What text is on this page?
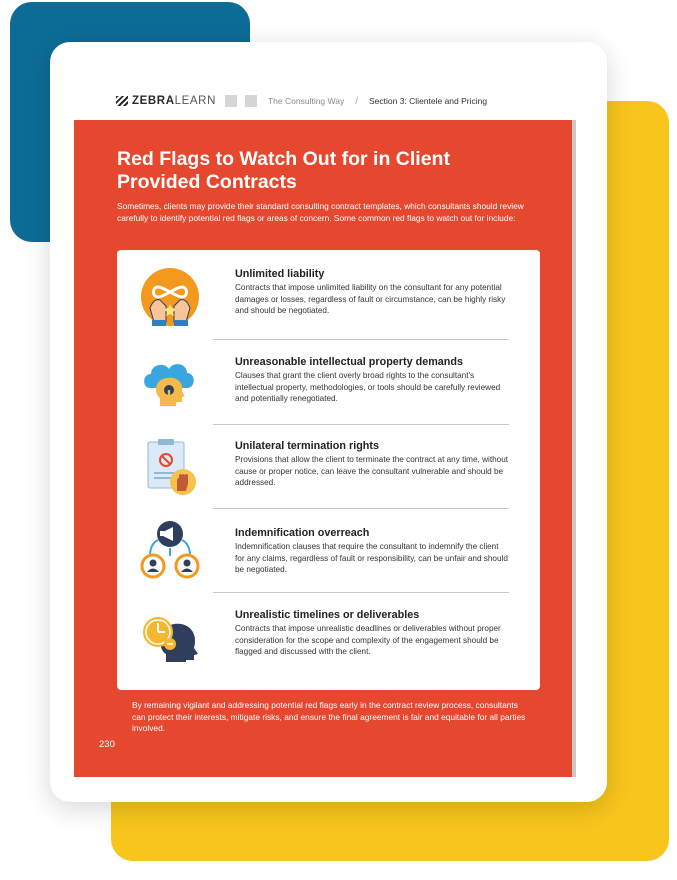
ZEBRA LEARN	The Consulting Way / Section 3: Clientele and Pricing
Red Flags to Watch Out for in Client Provided Contracts
Sometimes, clients may provide their standard consulting contract templates, which consultants should review carefully to identify potential red flags or areas of concern. Some common red flags to watch out for include:
Unlimited liability
Contracts that impose unlimited liability on the consultant for any potential damages or losses, regardless of fault or circumstance, can be highly risky and should be negotiated.
Unreasonable intellectual property demands
Clauses that grant the client overly broad rights to the consultant's intellectual property, methodologies, or tools should be carefully reviewed and potentially renegotiated.
Unilateral termination rights
Provisions that allow the client to terminate the contract at any time, without cause or proper notice, can leave the consultant vulnerable and should be addressed.
Indemnification overreach
Indemnification clauses that require the consultant to indemnify the client for any claims, regardless of fault or responsibility, can be unfair and should be negotiated.
Unrealistic timelines or deliverables
Contracts that impose unrealistic deadlines or deliverables without proper consideration for the scope and complexity of the engagement should be flagged and discussed with the client.
By remaining vigilant and addressing potential red flags early in the contract review process, consultants can protect their interests, mitigate risks, and ensure the final agreement is fair and equitable for all parties involved.
230
